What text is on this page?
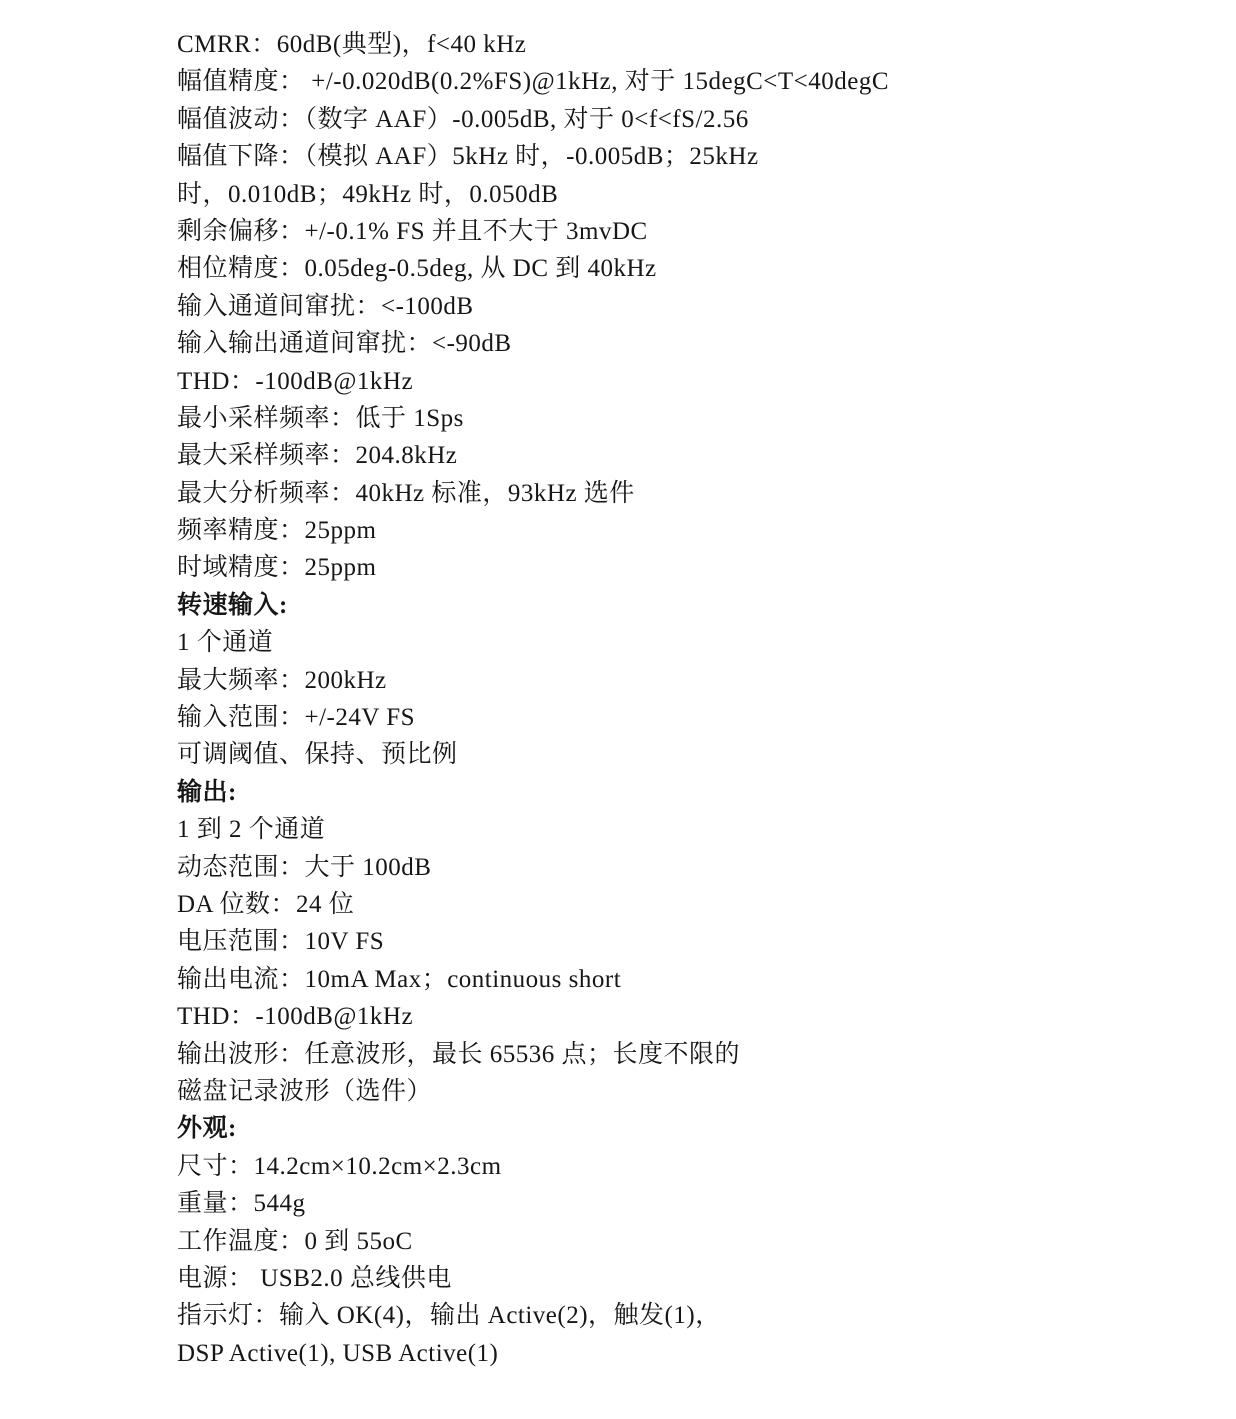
CMRR：60dB(典型)，f<40 kHz
幅值精度： +/-0.020dB(0.2%FS)@1kHz, 对于 15degC<T<40degC
幅值波动：（数字 AAF）-0.005dB, 对于 0<f<fS/2.56
幅值下降：（模拟 AAF）5kHz 时，-0.005dB；25kHz
时，0.010dB；49kHz 时，0.050dB
剩余偏移：+/-0.1% FS 并且不大于 3mvDC
相位精度：0.05deg-0.5deg, 从 DC 到 40kHz
输入通道间窜扰：<-100dB
输入输出通道间窜扰：<-90dB
THD：-100dB@1kHz
最小采样频率：低于 1Sps
最大采样频率：204.8kHz
最大分析频率：40kHz 标准，93kHz 选件
频率精度：25ppm
时域精度：25ppm
转速输入:
1 个通道
最大频率：200kHz
输入范围：+/-24V FS
可调阈值、保持、预比例
输出:
1 到 2 个通道
动态范围：大于 100dB
DA 位数：24 位
电压范围：10V FS
输出电流：10mA Max；continuous short
THD：-100dB@1kHz
输出波形：任意波形，最长 65536 点；长度不限的
磁盘记录波形（选件）
外观:
尺寸：14.2cm×10.2cm×2.3cm
重量：544g
工作温度：0 到 55oC
电源： USB2.0 总线供电
指示灯：输入 OK(4)，输出 Active(2)，触发(1)，
DSP Active(1), USB Active(1)
